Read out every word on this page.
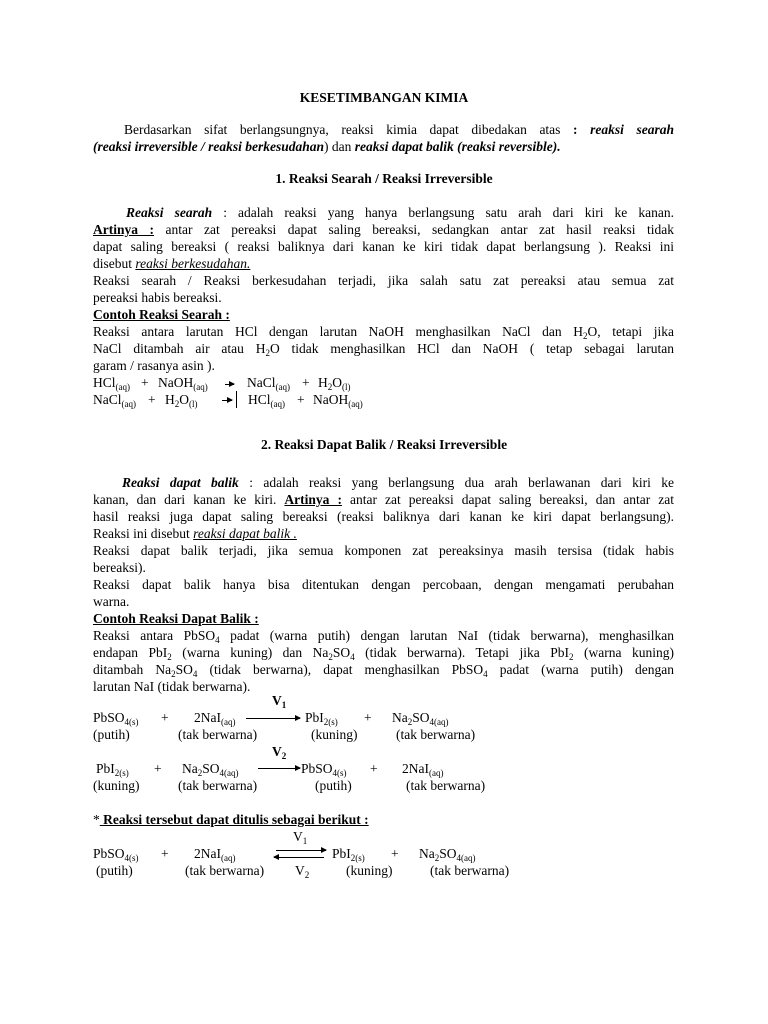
KESETIMBANGAN KIMIA
Berdasarkan sifat berlangsungnya, reaksi kimia dapat dibedakan atas : reaksi searah
(reaksi irreversible / reaksi berkesudahan) dan reaksi dapat balik (reaksi reversible).
1. Reaksi Searah / Reaksi Irreversible
Reaksi searah : adalah reaksi yang hanya berlangsung satu arah dari kiri ke kanan.
Artinya : antar zat pereaksi dapat saling bereaksi, sedangkan antar zat hasil reaksi tidak
dapat saling bereaksi ( reaksi baliknya dari kanan ke kiri tidak dapat berlangsung ). Reaksi ini
disebut reaksi berkesudahan.
Reaksi searah / Reaksi berkesudahan terjadi, jika salah satu zat pereaksi atau semua zat
pereaksi habis bereaksi.
Contoh Reaksi Searah :
Reaksi antara larutan HCl dengan larutan NaOH menghasilkan NaCl dan $H_2O$, tetapi jika
NaCl ditambah air atau $H_2O$ tidak menghasilkan HCl dan NaOH ( tetap sebagai larutan
garam / rasanya asin ).
HCl$_{(aq)}$ + NaOH$_{(aq)}$	NaCl$_{(aq)}$ + $H_2O_{(l)}$
NaCl$_{(aq)}$ + $H_2O_{(l)}$	HCl$_{(aq)}$ + NaOH$_{(aq)}$
2. Reaksi Dapat Balik / Reaksi Irreversible
Reaksi dapat balik : adalah reaksi yang berlangsung dua arah berlawanan dari kiri ke
kanan, dan dari kanan ke kiri. Artinya : antar zat pereaksi dapat saling bereaksi, dan antar zat
hasil reaksi juga dapat saling bereaksi (reaksi baliknya dari kanan ke kiri dapat berlangsung).
Reaksi ini disebut reaksi dapat balik .
Reaksi dapat balik terjadi, jika semua komponen zat pereaksinya masih tersisa (tidak habis
bereaksi).
Reaksi dapat balik hanya bisa ditentukan dengan percobaan, dengan mengamati perubahan
warna.
Contoh Reaksi Dapat Balik :
Reaksi antara PbSO$_4$ padat (warna putih) dengan larutan NaI (tidak berwarna), menghasilkan
endapan PbI$_2$ (warna kuning) dan $Na_2SO_4$ (tidak berwarna). Tetapi jika PbI$_2$ (warna kuning)
ditambah $Na_2SO_4$ (tidak berwarna), dapat menghasilkan PbSO$_4$ padat (warna putih) dengan
larutan NaI (tidak berwarna).
$V_1$
PbSO$_{4(s)}$ + 2NaI$_{(aq)}$	$PbI_{2(s)} + Na_2SO_{4(aq)}$
(putih)	(tak berwarna)	(kuning)	(tak berwarna)
$V_2$
$PbI_{2(s)} + Na_2SO_{4(aq)}$	PbSO$_{4(s)}$ + 2NaI$_{(aq)}$
(kuning)	(tak berwarna)	(putih)	(tak berwarna)
* Reaksi tersebut dapat ditulis sebagai berikut :
$V_1$
PbSO$_{4(s)}$ + 2NaI$_{(aq)}$	$PbI_{2(s)} + Na_2SO_{4(aq)}$
(putih)	(tak berwarna) $V_2$	(kuning)	(tak berwarna)
